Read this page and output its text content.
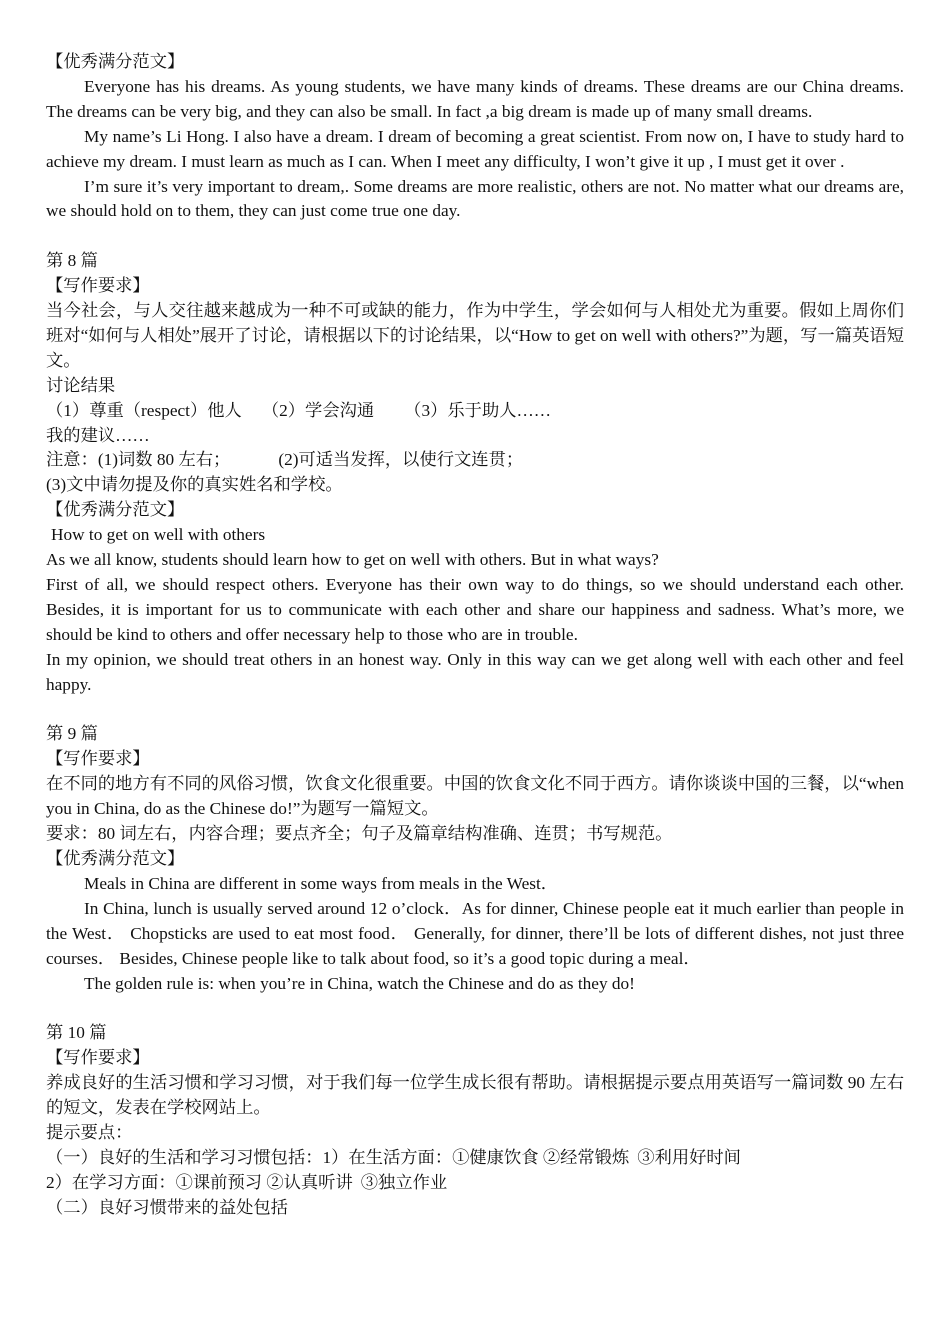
【优秀满分范文】

Everyone has his dreams. As young students, we have many kinds of dreams. These dreams are our China dreams. The dreams can be very big, and they can also be small. In fact ,a big dream is made up of many small dreams.

My name’s Li Hong. I also have a dream. I dream of becoming a great scientist. From now on, I have to study hard to achieve my dream. I must learn as much as I can. When I meet any difficulty, I won’t give it up , I must get it over .

I’m sure it’s very important to dream,. Some dreams are more realistic, others are not. No matter what our dreams are, we should hold on to them, they can just come true one day.

第 8 篇

【写作要求】

当今社会，与人交往越来越成为一种不可或缺的能力，作为中学生，学会如何与人相处尤为重要。假如上周你们班对“如何与人相处”展开了讨论，请根据以下的讨论结果，以“How to get on well with others?”为题，写一篇英语短文。

讨论结果

（1）尊重（respect）他人 （2）学会沟通 （3）乐于助人……

我的建议……

注意：(1)词数 80 左右；	(2)可适当发挥，以使行文连贯；

(3)文中请勿提及你的真实姓名和学校。

【优秀满分范文】

How to get on well with others

As we all know, students should learn how to get on well with others. But in what ways?

First of all, we should respect others. Everyone has their own way to do things, so we should understand each other. Besides, it is important for us to communicate with each other and share our happiness and sadness. What’s more, we should be kind to others and offer necessary help to those who are in trouble.

In my opinion, we should treat others in an honest way. Only in this way can we get along well with each other and feel happy.

第 9 篇

【写作要求】

在不同的地方有不同的风俗习惯，饮食文化很重要。中国的饮食文化不同于西方。请你谈谈中国的三餐，以“when you in China, do as the Chinese do!”为题写一篇短文。

要求：80 词左右，内容合理；要点齐全；句子及篇章结构准确、连贯；书写规范。

【优秀满分范文】

Meals in China are different in some ways from meals in the West．

In China, lunch is usually served around 12 o’clock．As for dinner, Chinese people eat it much earlier than people in the West． Chopsticks are used to eat most food． Generally, for dinner, there’ll be lots of different dishes, not just three courses． Besides, Chinese people like to talk about food, so it’s a good topic during a meal．

The golden rule is: when you’re in China, watch the Chinese and do as they do!

第 10 篇

【写作要求】

养成良好的生活习惯和学习习惯，对于我们每一位学生成长很有帮助。请根据提示要点用英语写一篇词数 90 左右的短文，发表在学校网站上。

提示要点：

（一）良好的生活和学习习惯包括：1）在生活方面：①健康饮食 ②经常锻炼 ③利用好时间

2）在学习方面：①课前预习 ②认真听讲 ③独立作业

（二）良好习惯带来的益处包括
